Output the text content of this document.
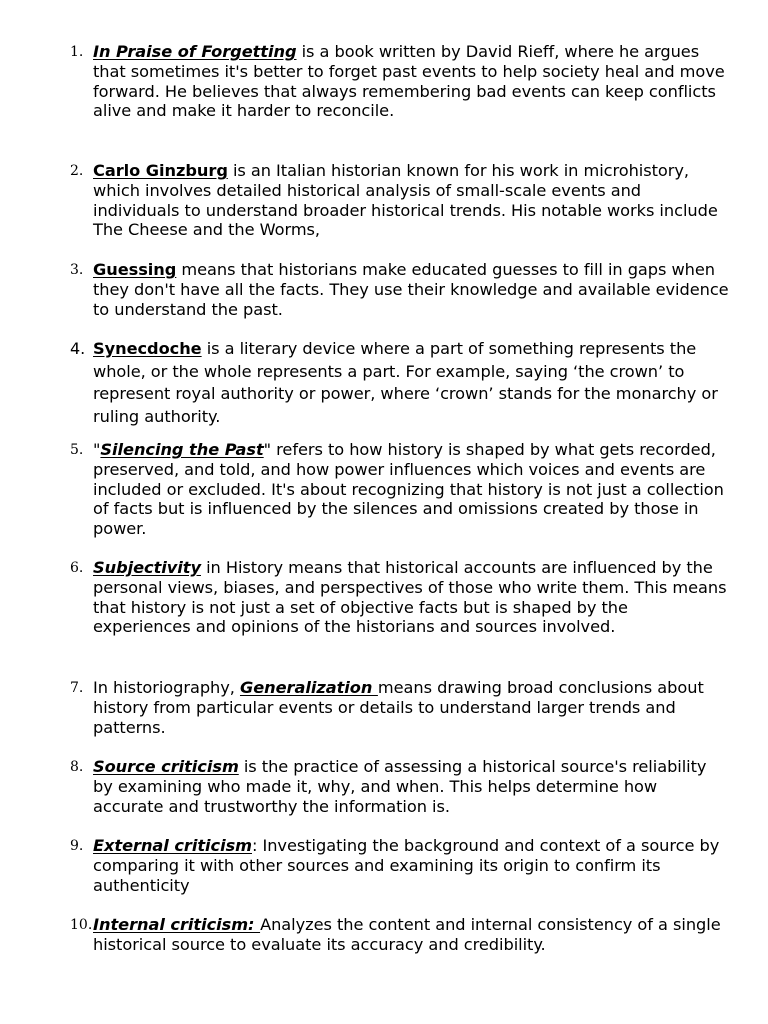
1. In Praise of Forgetting is a book written by David Rieff, where he argues that sometimes it's better to forget past events to help society heal and move forward. He believes that always remembering bad events can keep conflicts alive and make it harder to reconcile.
2. Carlo Ginzburg is an Italian historian known for his work in microhistory, which involves detailed historical analysis of small-scale events and individuals to understand broader historical trends. His notable works include The Cheese and the Worms,
3. Guessing means that historians make educated guesses to fill in gaps when they don't have all the facts. They use their knowledge and available evidence to understand the past.
4. Synecdoche is a literary device where a part of something represents the whole, or the whole represents a part. For example, saying ‘the crown’ to represent royal authority or power, where ‘crown’ stands for the monarchy or ruling authority.
5. "Silencing the Past" refers to how history is shaped by what gets recorded, preserved, and told, and how power influences which voices and events are included or excluded. It's about recognizing that history is not just a collection of facts but is influenced by the silences and omissions created by those in power.
6. Subjectivity in History means that historical accounts are influenced by the personal views, biases, and perspectives of those who write them. This means that history is not just a set of objective facts but is shaped by the experiences and opinions of the historians and sources involved.
7. In historiography, Generalization means drawing broad conclusions about history from particular events or details to understand larger trends and patterns.
8. Source criticism is the practice of assessing a historical source's reliability by examining who made it, why, and when. This helps determine how accurate and trustworthy the information is.
9. External criticism: Investigating the background and context of a source by comparing it with other sources and examining its origin to confirm its authenticity
10. Internal criticism: Analyzes the content and internal consistency of a single historical source to evaluate its accuracy and credibility.
